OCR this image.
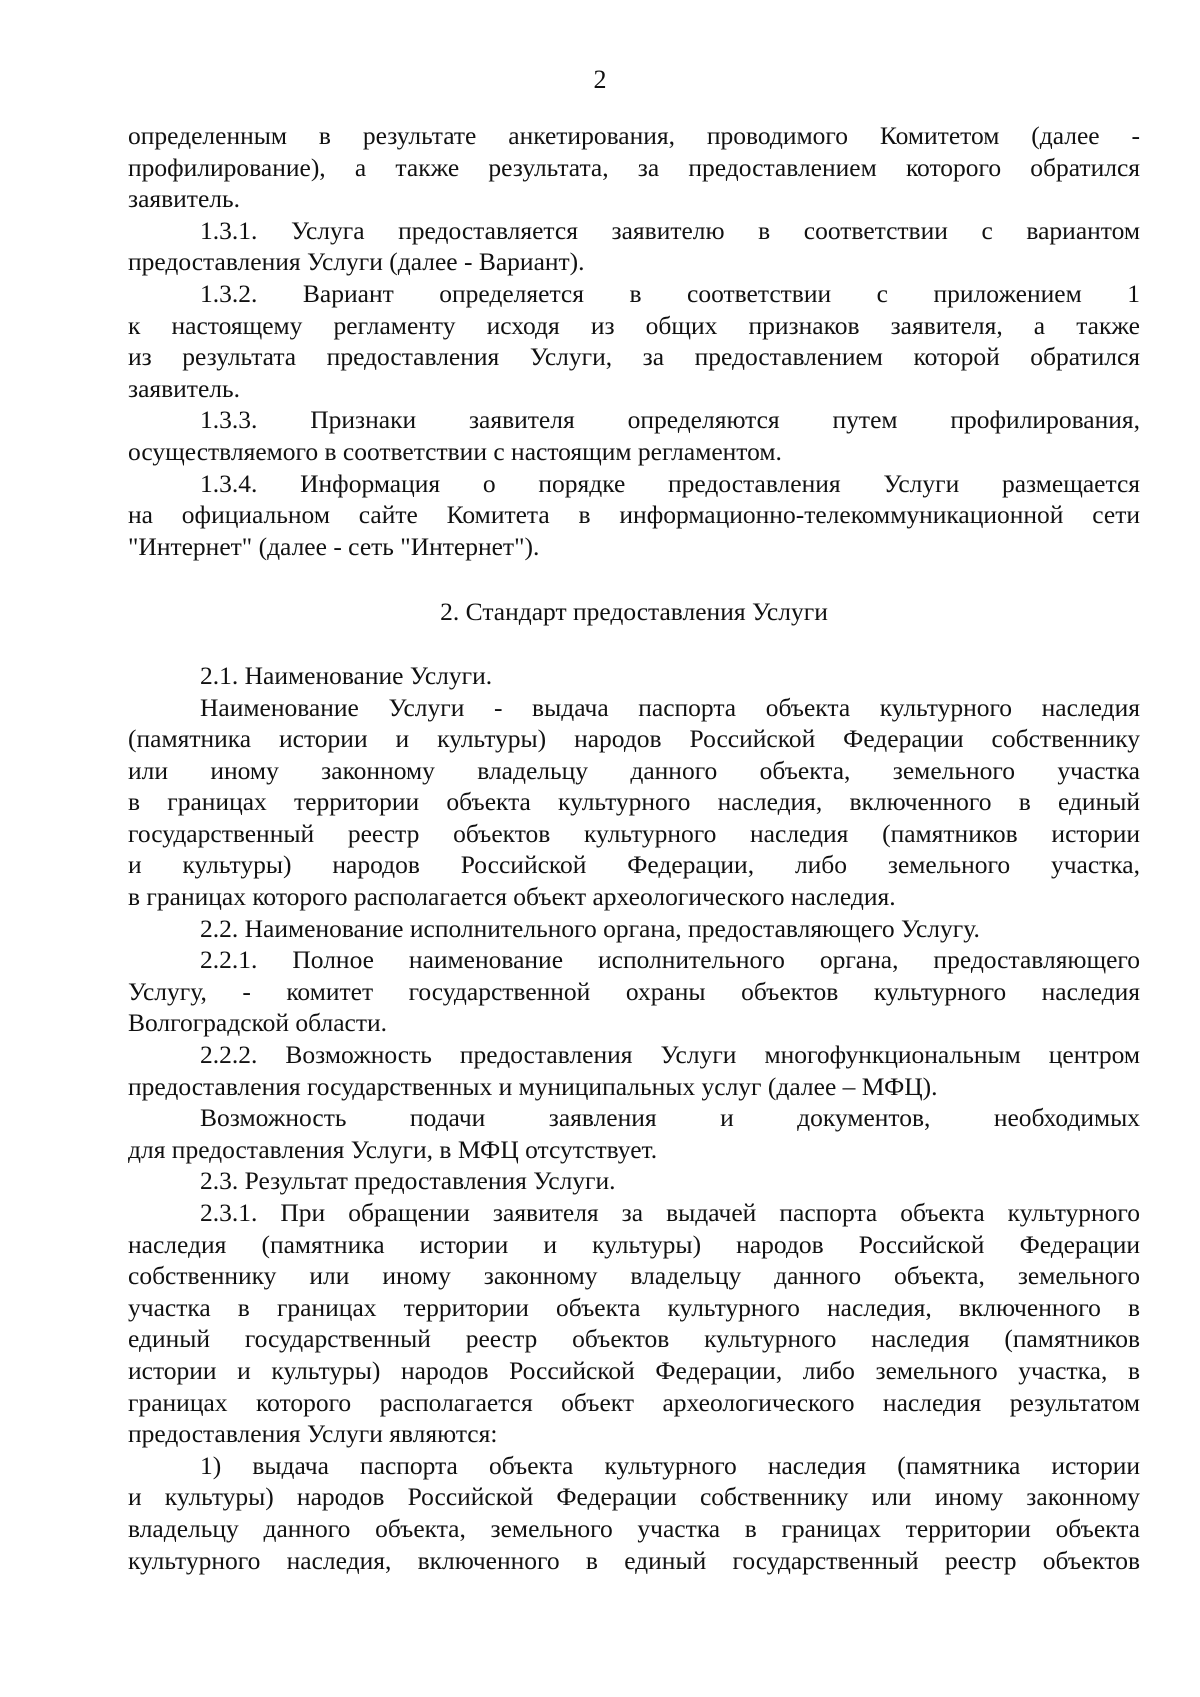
2
определенным в результате анкетирования, проводимого Комитетом (далее -
профилирование), а также результата, за предоставлением которого обратился
заявитель.
1.3.1. Услуга предоставляется заявителю в соответствии с вариантом
предоставления Услуги (далее - Вариант).
1.3.2. Вариант определяется в соответствии с приложением 1
к настоящему регламенту исходя из общих признаков заявителя, а также
из результата предоставления Услуги, за предоставлением которой обратился
заявитель.
1.3.3. Признаки заявителя определяются путем профилирования,
осуществляемого в соответствии с настоящим регламентом.
1.3.4. Информация о порядке предоставления Услуги размещается
на официальном сайте Комитета в информационно-телекоммуникационной сети
"Интернет" (далее - сеть "Интернет").
2. Стандарт предоставления Услуги
2.1. Наименование Услуги.
Наименование Услуги - выдача паспорта объекта культурного наследия
(памятника истории и культуры) народов Российской Федерации собственнику
или иному законному владельцу данного объекта, земельного участка
в границах территории объекта культурного наследия, включенного в единый
государственный реестр объектов культурного наследия (памятников истории
и культуры) народов Российской Федерации, либо земельного участка,
в границах которого располагается объект археологического наследия.
2.2. Наименование исполнительного органа, предоставляющего Услугу.
2.2.1. Полное наименование исполнительного органа, предоставляющего
Услугу, - комитет государственной охраны объектов культурного наследия
Волгоградской области.
2.2.2. Возможность предоставления Услуги многофункциональным центром
предоставления государственных и муниципальных услуг (далее – МФЦ).
Возможность подачи заявления и документов, необходимых
для предоставления Услуги, в МФЦ отсутствует.
2.3. Результат предоставления Услуги.
2.3.1. При обращении заявителя за выдачей паспорта объекта культурного
наследия (памятника истории и культуры) народов Российской Федерации
собственнику или иному законному владельцу данного объекта, земельного
участка в границах территории объекта культурного наследия, включенного в
единый государственный реестр объектов культурного наследия (памятников
истории и культуры) народов Российской Федерации, либо земельного участка, в
границах которого располагается объект археологического наследия результатом
предоставления Услуги являются:
1) выдача паспорта объекта культурного наследия (памятника истории
и культуры) народов Российской Федерации собственнику или иному законному
владельцу данного объекта, земельного участка в границах территории объекта
культурного наследия, включенного в единый государственный реестр объектов
